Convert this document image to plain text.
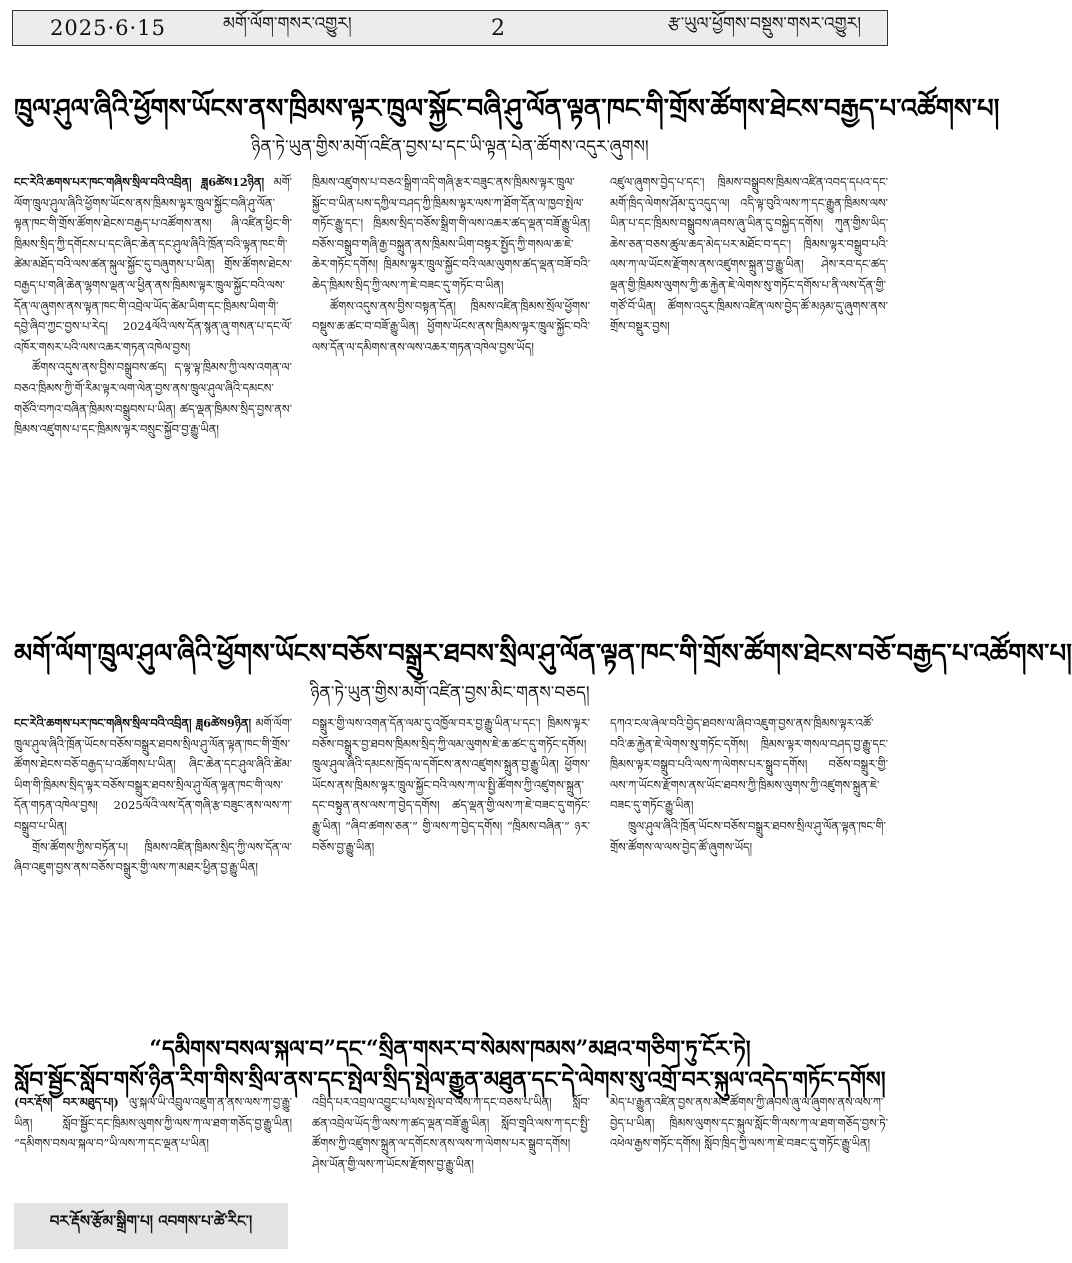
2025·6·15	མགོ་ལོག་གསར་འགྱུར།	2	རྩ་ཡུལ་ཕྱོགས་བསྡུས་གསར་འགྱུར།
ཁྲུལ་ཤུལ་ཞིའི་ཕྱོགས་ཡོངས་ནས་ཁྲིམས་ལྟར་ཁྲུལ་སྐྱོང་བཞི་ཤུ་ལོན་ལྟན་ཁང་གི་གྲོས་ཚོགས་ཐེངས་བརྒྱད་པ་འཚོགས་པ།
ཉིན་ཏེ་ཡུན་གྱིས་མགོ་འཛིན་བྱས་པ་དང་ཡི་ལྟན་པེན་ཚོགས་འདུར་ཞུགས།

ངང་རེའི་ཆགས་པར་ཁང་གཞིས་སྲིལ་བའི་འབྲིན། ཟླ6ཚེས12ཉིན། མགོ་ལོག་ཁྲུལ་ཤུལ་ཞིའི་ཕྱོགས་ཡོངས་ནས་ཁྲིམས་ལྟར་ཁྲུལ་སྐྱོང་བཞི་ཤུ་ལོན་ལྟན་ཁང་གི་གྲོས་ཚོགས་ཐེངས་བརྒྱད་པ་འཚོགས་ནས། ཞི་འཛིན་ཕྱིང་གི་ཁྲིམས་སྲིད་ཀྱི་དགོངས་པ་དང་ཞིང་ཆེན་དང་ཤུལ་ཞིའི་ཁྲོན་བའི་ལྟན་ཁང་གི་ཚེམ་མཐོད་བའི་ལས་ཚན་སྐུལ་སྐྱོང་དུ་བཞུགས་པ་ཡིན། གྲོས་ཚོགས་ཐེངས་བརྒྱད་པ་གཞི་ཆེན་ལྷགས་ལྡན་ལ་ཕྱིན་ནས་ཁྲིམས་ལྟར་ཁྲུལ་སྐྱོང་བའི་ལས་དོན་ལ་ཞུགས་ནས་ལྟན་ཁང་གི་འབྲེལ་ཡོད་ཚེམ་ཡིག་དང་ཁྲིམས་ཡིག་གི་དབྱེ་ཞིབ་ཀྱང་བྱས་པ་རེད། 2024ལོའི་ལས་དོན་སྙན་ཞུ་གསན་པ་དང་ལོ་འཁོར་གསར་པའི་ལས་འཆར་གཏན་འཁེལ་བྱས།

ཚོགས་འདུས་ནས་བྱིས་བསྒྲུབས་ཚད། ད་ལྟ་ལྟ་ཁྲིམས་ཀྱི་ལས་འགན་ལ་བཅའ་ཁྲིམས་ཀྱི་གོ་རིམ་ལྟར་ལག་ལེན་བྱས་ནས་ཁྲུལ་ཤུལ་ཞིའི་དམངས་གཙོའི་བཀའ་བཞིན་ཁྲིམས་བསྒྲུབས་པ་ཡིན། ཚད་ལྡན་ཁྲིམས་སྲིད་བྱས་ནས་ཁྲིམས་འཛུགས་པ་དང་ཁྲིམས་ལྟར་བསྲུང་སྐྱོབ་བྱ་རྒྱུ་ཡིན།

ཁྲིམས་འཛུགས་པ་བཅའ་སྒྲིག་འདི་གཞི་རྩར་བཟུང་ནས་ཁྲིམས་ལྟར་ཁྲུལ་སྐྱོང་བ་ཡིན་པས་དཀྱིལ་བཤད་ཀྱི་ཁྲིམས་ལྟར་ལས་ཀ་ཐོག་དོན་ལ་ཁྱབ་སྤེལ་གཏོང་རྒྱུ་དང་། ཁྲིམས་སྲིད་བཅོས་སྒྲིག་གི་ལས་འཆར་ཚད་ལྡན་བཟོ་རྒྱུ་ཡིན། བཅོས་བསྒྲུབ་གཞི་རྒྱ་བསྐྲུན་ནས་ཁྲིམས་ཡིག་བསྟར་སྤྱོད་ཀྱི་གསལ་ཆ་ཇེ་ཆེར་གཏོང་དགོས། ཁྲིམས་ལྟར་ཁྲུལ་སྐྱོང་བའི་ལམ་ལུགས་ཚད་ལྡན་བཟོ་བའི་ཆེད་ཁྲིམས་སྲིད་ཀྱི་ལས་ཀ་ཇེ་བཟང་དུ་གཏོང་བ་ཡིན།

ཚོགས་འདུས་ནས་བྱིས་བསྟན་དོན། ཁྲིམས་འཛིན་ཁྲིམས་སྲོལ་ཕྱོགས་བསྡུས་ཆ་ཚང་བ་བཟོ་རྒྱུ་ཡིན། ཕྱོགས་ཡོངས་ནས་ཁྲིམས་ལྟར་ཁྲུལ་སྐྱོང་བའི་ལས་དོན་ལ་དམིགས་ནས་ལས་འཆར་གཏན་འཁེལ་བྱས་ཡོད།

འཛུལ་ཞུགས་བྱེད་པ་དང་། ཁྲིམས་བསྒྲུབས་ཁྲིམས་འཛིན་འབད་དཔའ་དང་མགོ་ཁྲིད་ལེགས་ཤོམ་དུ་འདུད་ལ། འདི་ལྟ་བུའི་ལས་ཀ་དང་རྒྱུན་ཁྲིམས་ལས་ཡིན་པ་དང་ཁྲིམས་བསྒྲུབས་ཞབས་ཞུ་ཡིན་དུ་བསྐྱེད་དགོས། ཀུན་གྱིས་ཡིད་ཆེས་ཅན་བཅས་ཚུལ་ཆད་མེད་པར་མཐོང་བ་དང་། ཁྲིམས་ལྟར་བསྒྲུབ་པའི་ལས་ཀ་ལ་ཡོངས་རྫོགས་ནས་འཛུགས་སྐྲུན་བྱ་རྒྱུ་ཡིན། ཤེས་རབ་དང་ཚད་ལྡན་གྱི་ཁྲིམས་ལུགས་ཀྱི་ཆ་རྐྱེན་ཇེ་ལེགས་སུ་གཏོང་དགོས་པ་ནི་ལས་དོན་གྱི་གཙོ་བོ་ཡིན། ཚོགས་འདུར་ཁྲིམས་འཛིན་ལས་བྱེད་ཚོ་མཉམ་དུ་ཞུགས་ནས་གྲོས་བསྡུར་བྱས།

མགོ་ལོག་ཁྲུལ་ཤུལ་ཞིའི་ཕྱོགས་ཡོངས་བཅོས་བསྒྲུར་ཐབས་སྲིལ་ཤུ་ལོན་ལྟན་ཁང་གི་གྲོས་ཚོགས་ཐེངས་བཅོ་བརྒྱད་པ་འཚོགས་པ།
ཉིན་ཏེ་ཡུན་གྱིས་མགོ་འཛིན་བྱས་མིང་གནས་བཅད།

ངང་རེའི་ཆགས་པར་ཁང་གཞིས་སྲིལ་བའི་འབྲིན། ཟླ6ཚེས9ཉིན། མགོ་ལོག་ཁྲུལ་ཤུལ་ཞིའི་ཁྲོན་ཡོངས་བཅོས་བསྒྲུར་ཐབས་སྲིལ་ཤུ་ལོན་ལྟན་ཁང་གི་གྲོས་ཚོགས་ཐེངས་བཅོ་བརྒྱད་པ་འཚོགས་པ་ཡིན། ཞིང་ཆེན་དང་ཤུལ་ཞིའི་ཚེམ་ཡིག་གི་ཁྲིམས་སྲིད་ལྟར་བཅོས་བསྒྲུར་ཐབས་སྲིལ་ཤུ་ལོན་ལྟན་ཁང་གི་ལས་དོན་གཏན་འཁེལ་བྱས། 2025ལོའི་ལས་དོན་གཞི་རྩ་བཟུང་ནས་ལས་ཀ་བསྒྲུབ་པ་ཡིན།

གྲོས་ཚོགས་ཀྱིས་བཏོན་པ། ཁྲིམས་འཛིན་ཁྲིམས་སྲིད་ཀྱི་ལས་དོན་ལ་ཞིབ་འཇུག་བྱས་ནས་བཅོས་བསྒྲུར་གྱི་ལས་ཀ་མཐར་ཕྱིན་བྱ་རྒྱུ་ཡིན།

བསྒྲུར་གྱི་ལས་འགན་དོན་ལམ་དུ་འཁྱོལ་བར་བྱ་རྒྱུ་ཡིན་པ་དང་། ཁྲིམས་ལྟར་བཅོས་བསྒྲུར་བྱ་ཐབས་ཁྲིམས་སྲིད་ཀྱི་ལམ་ལུགས་ཇེ་ཆ་ཚང་དུ་གཏོང་དགོས། ཁྲུལ་ཤུལ་ཞིའི་དམངས་ཁྲོད་ལ་དགོངས་ནས་འཛུགས་སྐྲུན་བྱ་རྒྱུ་ཡིན། ཕྱོགས་ཡོངས་ནས་ཁྲིམས་ལྟར་ཁྲུལ་སྐྱོང་བའི་ལས་ཀ་ལ་སྤྱི་ཚོགས་ཀྱི་འཛུགས་སྐྲུན་དང་བསྟུན་ནས་ལས་ཀ་བྱེད་དགོས། ཚད་ལྡན་གྱི་ལས་ཀ་ཇེ་བཟང་དུ་གཏོང་རྒྱུ་ཡིན། “ཞིབ་ཚགས་ཅན་” གྱི་ལས་ཀ་བྱེད་དགོས། “ཁྲིམས་བཞིན་” ཉར་བཅོས་བྱ་རྒྱུ་ཡིན།

དཀའ་ངལ་ཞེལ་བའི་བྱེད་ཐབས་ལ་ཞིབ་འཇུག་བྱས་ནས་ཁྲིམས་ལྟར་འཚོ་བའི་ཆ་རྐྱེན་ཇེ་ལེགས་སུ་གཏོང་དགོས། ཁྲིམས་ལྟར་གསལ་བཤད་བྱ་རྒྱུ་དང་ཁྲིམས་ལྟར་བསྒྲུབ་པའི་ལས་ཀ་ལེགས་པར་སྒྲུབ་དགོས། བཅོས་བསྒྲུར་གྱི་ལས་ཀ་ཡོངས་རྫོགས་ནས་ཡོང་ཐབས་ཀྱི་ཁྲིམས་ལུགས་ཀྱི་འཛུགས་སྐྲུན་ཇེ་བཟང་དུ་གཏོང་རྒྱུ་ཡིན།

ཁྲུལ་ཤུལ་ཞིའི་ཁྲོན་ཡོངས་བཅོས་བསྒྲུར་ཐབས་སྲིལ་ཤུ་ལོན་ལྟན་ཁང་གི་གྲོས་ཚོགས་ལ་ལས་བྱེད་ཚོ་ཞུགས་ཡོད།

“དམིགས་བསལ་སྐལ་བ”དང་“སྲིན་གསར་བ་སེམས་ཁམས”མཐའ་གཅིག་ཏུ་ངོར་ཏེ།
སློབ་སྦྱོང་སློབ་གསོ་ཉིན་རིག་གིས་སྲིལ་ནས་དང་སྤེལ་སྲིད་སྤེལ་རྒྱུན་མཐུན་དང་དེ་ལེགས་སུ་འགྲོ་བར་སྐུལ་འདེད་གཏོང་དགོས།

(བར་རྡོས། བར་མཐུད་པ།) ལུ་སྐལ་ཡི་འབྲུལ་འཇུག་ན་ནས་ལས་ཀ་བྱ་རྒྱུ་ཡིན། སློབ་སྦྱོང་དང་ཁྲིམས་ལུགས་ཀྱི་ལས་ཀ་ལ་ཐག་གཅོད་བྱ་རྒྱུ་ཡིན། “དམིགས་བསལ་སྐལ་བ”ཡི་ལས་ཀ་དང་ལྡན་པ་ཡིན།

འབྲིད་པར་འབྲལ་འབྱུང་པ་ལས་སྤེལ་བ་ལས་ཀ་དང་བཅས་པ་ཡིན། སློབ་ཚན་འབྲེལ་ཡོད་ཀྱི་ལས་ཀ་ཚད་ལྡན་བཟོ་རྒྱུ་ཡིན། སློབ་གྲྭའི་ལས་ཀ་དང་སྤྱི་ཚོགས་ཀྱི་འཛུགས་སྐྲུན་ལ་དགོངས་ནས་ལས་ཀ་ལེགས་པར་སྒྲུབ་དགོས། ཤེས་ཡོན་གྱི་ལས་ཀ་ཡོངས་རྫོགས་བྱ་རྒྱུ་ཡིན།

མེད་པ་རྒྱུན་འཛིན་བྱས་ནས་མང་ཚོགས་ཀྱི་ཞབས་ཞུ་ལ་ཞུགས་ནས་ལས་ཀ་བྱེད་པ་ཡིན། ཁྲིམས་ལུགས་དང་སྐུལ་སློང་གི་ལས་ཀ་ལ་ཐག་གཅོད་བྱས་ཏེ་འཕེལ་རྒྱས་གཏོང་དགོས། སློབ་ཁྲིད་ཀྱི་ལས་ཀ་ཇེ་བཟང་དུ་གཏོང་རྒྱུ་ཡིན།

བར་རྡོས་རྩོམ་སྒྲིག་པ། འབགས་པ་ཚེ་རིང་།
